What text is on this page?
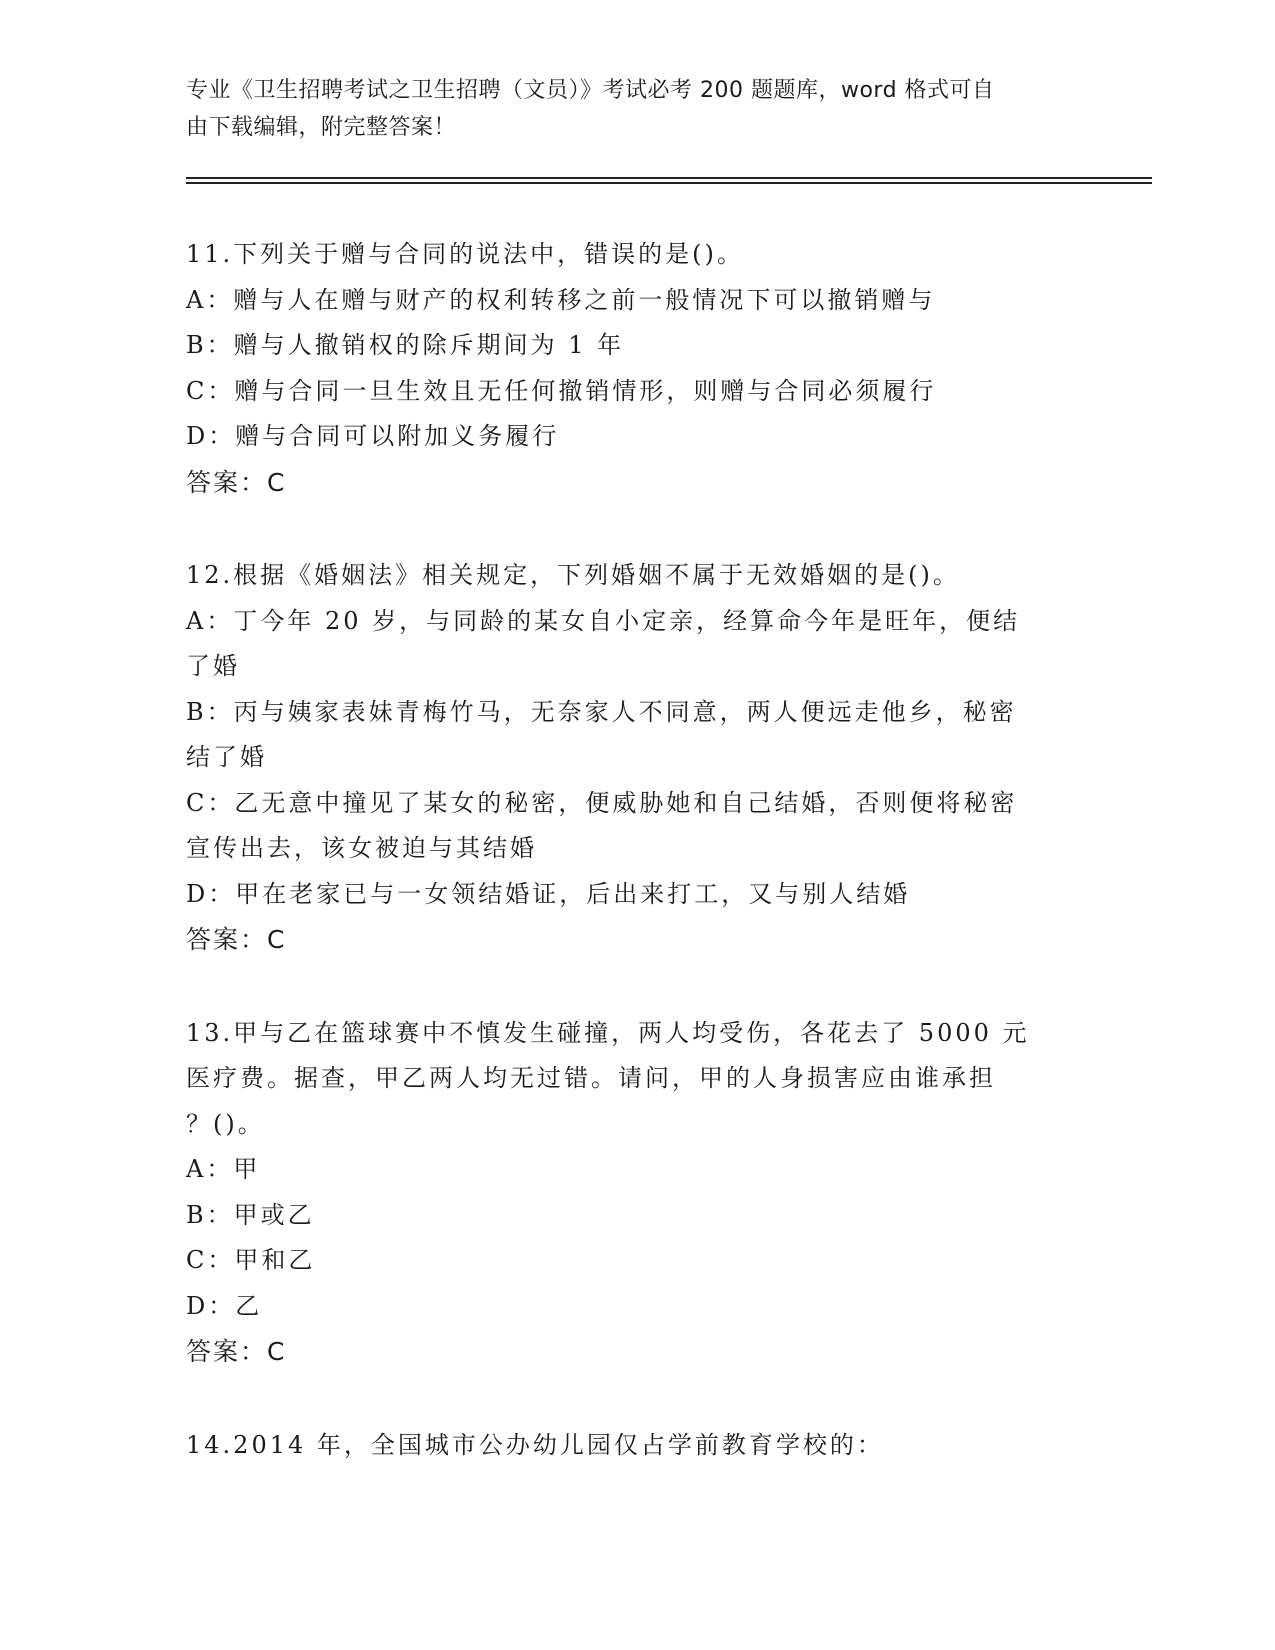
专业《卫生招聘考试之卫生招聘（文员）》考试必考 200 题题库，word 格式可自
由下载编辑，附完整答案！
11.下列关于赠与合同的说法中，错误的是()。
A：赠与人在赠与财产的权利转移之前一般情况下可以撤销赠与
B：赠与人撤销权的除斥期间为 1 年
C：赠与合同一旦生效且无任何撤销情形，则赠与合同必须履行
D：赠与合同可以附加义务履行
答案：C
12.根据《婚姻法》相关规定，下列婚姻不属于无效婚姻的是()。
A：丁今年 20 岁，与同龄的某女自小定亲，经算命今年是旺年，便结
了婚
B：丙与姨家表妹青梅竹马，无奈家人不同意，两人便远走他乡，秘密
结了婚
C：乙无意中撞见了某女的秘密，便威胁她和自己结婚，否则便将秘密
宣传出去，该女被迫与其结婚
D：甲在老家已与一女领结婚证，后出来打工，又与别人结婚
答案：C
13.甲与乙在篮球赛中不慎发生碰撞，两人均受伤，各花去了 5000 元
医疗费。据查，甲乙两人均无过错。请问，甲的人身损害应由谁承担
？()。
A：甲
B：甲或乙
C：甲和乙
D：乙
答案：C
14.2014 年，全国城市公办幼儿园仅占学前教育学校的：
